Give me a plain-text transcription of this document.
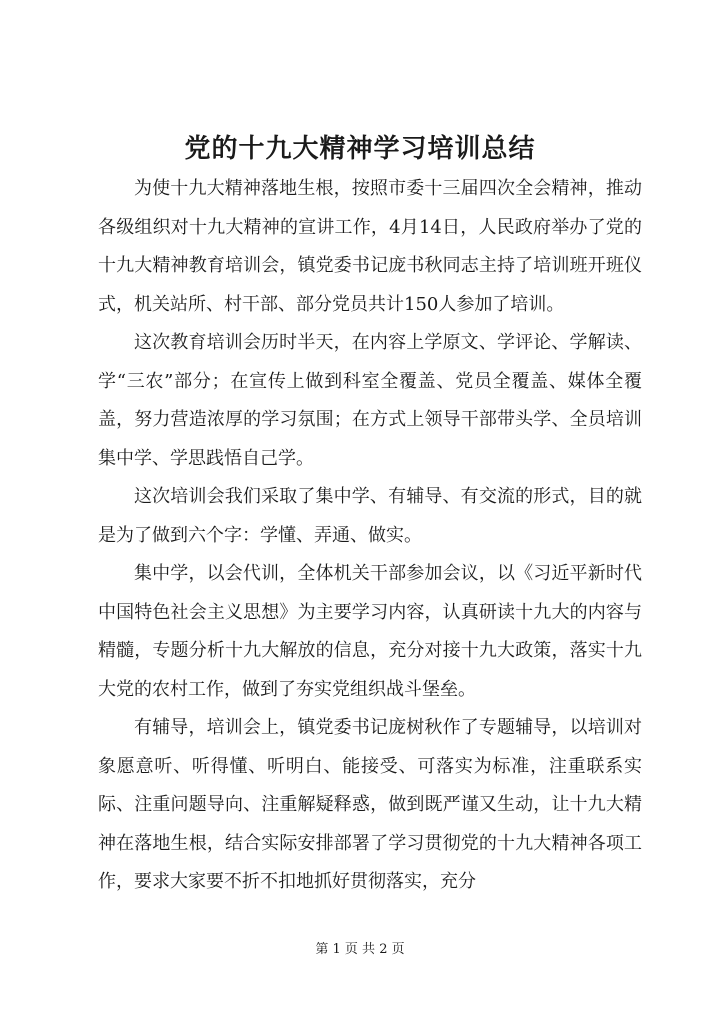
党的十九大精神学习培训总结

为使十九大精神落地生根，按照市委十三届四次全会精神，推动各级组织对十九大精神的宣讲工作，4月14日，人民政府举办了党的十九大精神教育培训会，镇党委书记庞书秋同志主持了培训班开班仪式，机关站所、村干部、部分党员共计150人参加了培训。

这次教育培训会历时半天，在内容上学原文、学评论、学解读、学“三农”部分；在宣传上做到科室全覆盖、党员全覆盖、媒体全覆盖，努力营造浓厚的学习氛围；在方式上领导干部带头学、全员培训集中学、学思践悟自己学。

这次培训会我们采取了集中学、有辅导、有交流的形式，目的就是为了做到六个字：学懂、弄通、做实。

集中学，以会代训，全体机关干部参加会议，以《习近平新时代中国特色社会主义思想》为主要学习内容，认真研读十九大的内容与精髓，专题分析十九大解放的信息，充分对接十九大政策，落实十九大党的农村工作，做到了夯实党组织战斗堡垒。

有辅导，培训会上，镇党委书记庞树秋作了专题辅导，以培训对象愿意听、听得懂、听明白、能接受、可落实为标准，注重联系实际、注重问题导向、注重解疑释惑，做到既严谨又生动，让十九大精神在落地生根，结合实际安排部署了学习贯彻党的十九大精神各项工作，要求大家要不折不扣地抓好贯彻落实，充分

第 1 页 共 2 页
